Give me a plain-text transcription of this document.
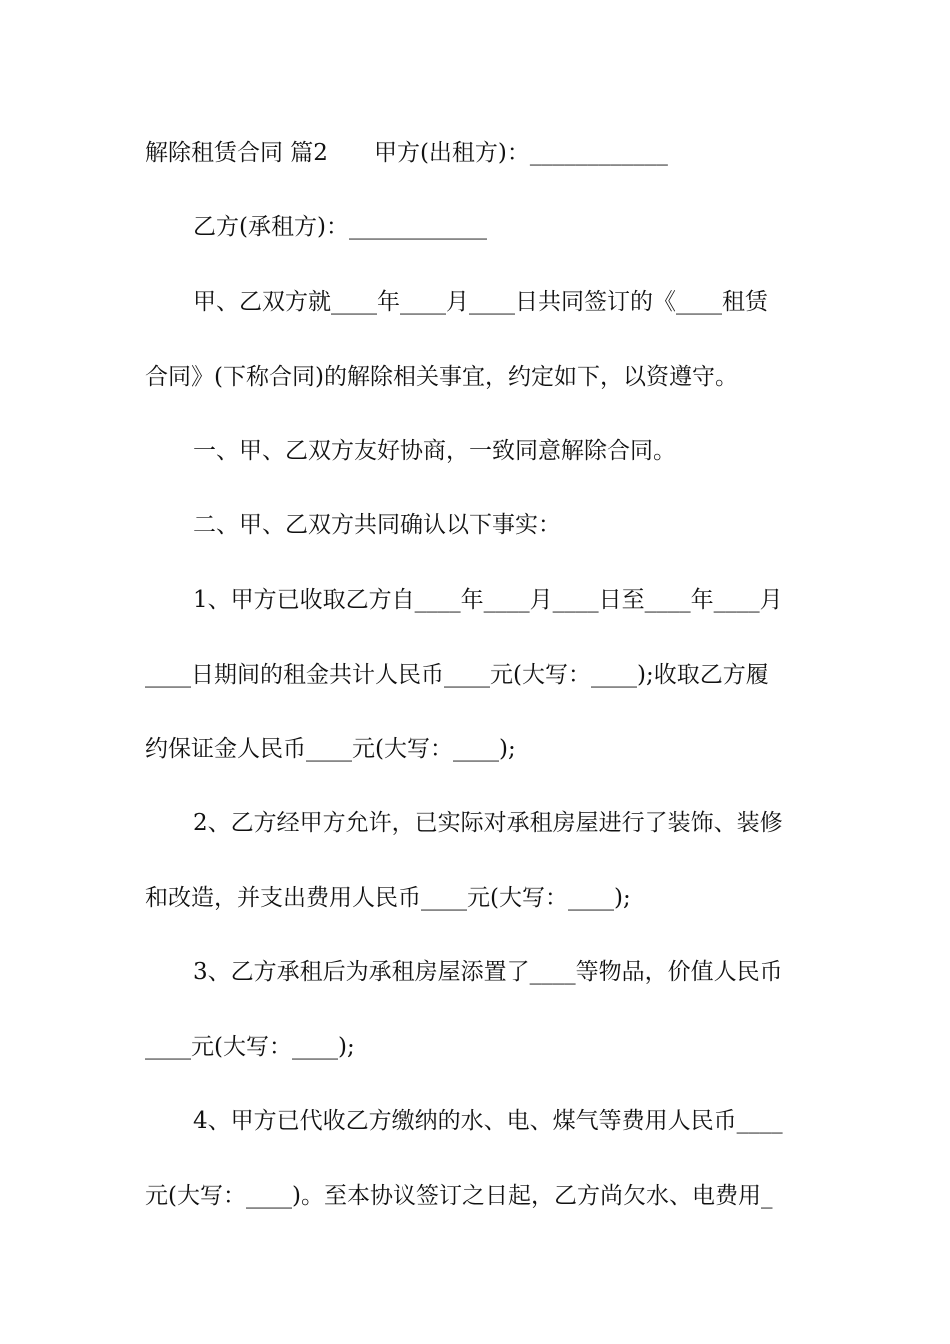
解除租赁合同 篇2　　甲方(出租方)：____________
乙方(承租方)：____________
甲、乙双方就____年____月____日共同签订的《____租赁
合同》(下称合同)的解除相关事宜，约定如下，以资遵守。
一、甲、乙双方友好协商，一致同意解除合同。
二、甲、乙双方共同确认以下事实：
1、甲方已收取乙方自____年____月____日至____年____月
____日期间的租金共计人民币____元(大写：____);收取乙方履
约保证金人民币____元(大写：____);
2、乙方经甲方允许，已实际对承租房屋进行了装饰、装修
和改造，并支出费用人民币____元(大写：____);
3、乙方承租后为承租房屋添置了____等物品，价值人民币
____元(大写：____);
4、甲方已代收乙方缴纳的水、电、煤气等费用人民币____
元(大写：____)。至本协议签订之日起，乙方尚欠水、电费用_
